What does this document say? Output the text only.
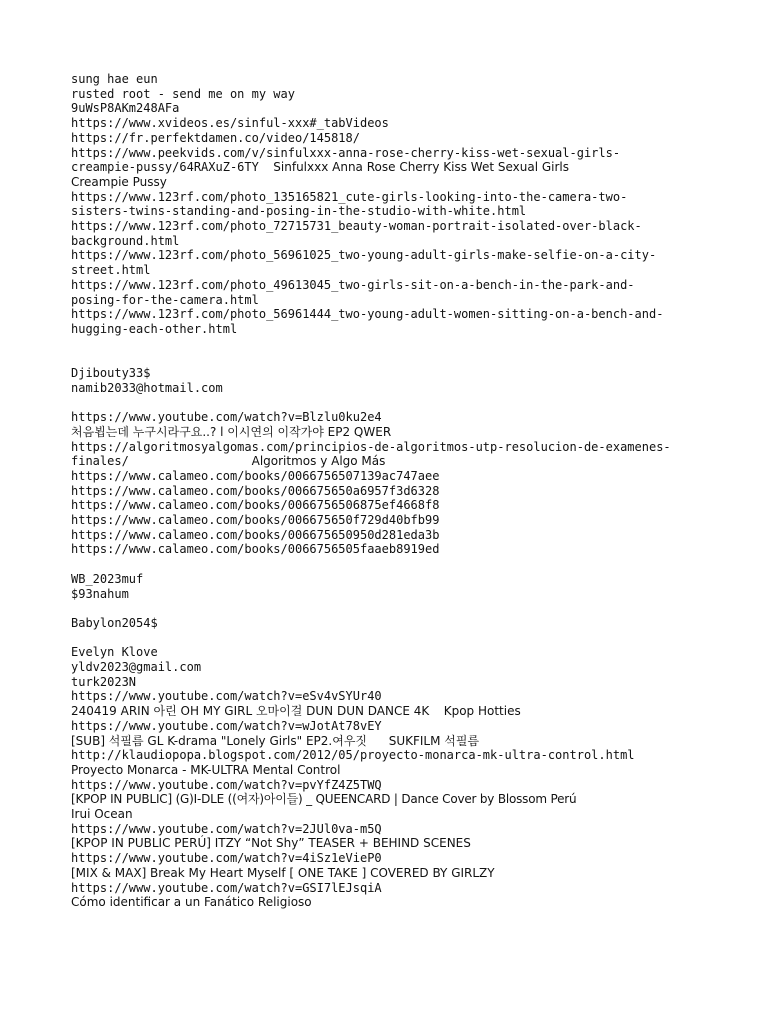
sung hae eun
rusted root - send me on my way
9uWsP8AKm248AFa
https://www.xvideos.es/sinful-xxx#_tabVideos
https://fr.perfektdamen.co/video/145818/
https://www.peekvids.com/v/sinfulxxx-anna-rose-cherry-kiss-wet-sexual-girls-
creampie-pussy/64RAXuZ-6TY Sinfulxxx Anna Rose Cherry Kiss Wet Sexual Girls
Creampie Pussy
https://www.123rf.com/photo_135165821_cute-girls-looking-into-the-camera-two-
sisters-twins-standing-and-posing-in-the-studio-with-white.html
https://www.123rf.com/photo_72715731_beauty-woman-portrait-isolated-over-black-
background.html
https://www.123rf.com/photo_56961025_two-young-adult-girls-make-selfie-on-a-city-
street.html
https://www.123rf.com/photo_49613045_two-girls-sit-on-a-bench-in-the-park-and-
posing-for-the-camera.html
https://www.123rf.com/photo_56961444_two-young-adult-women-sitting-on-a-bench-and-
hugging-each-other.html
Djibouty33$
namib2033@hotmail.com
https://www.youtube.com/watch?v=Blzlu0ku2e4
처음뵙는데 누구시라구요..? l 이시연의 이작가야 EP2 QWER
https://algoritmosyalgomas.com/principios-de-algoritmos-utp-resolucion-de-examenes-
finales/	Algoritmos y Algo Más
https://www.calameo.com/books/0066756507139ac747aee
https://www.calameo.com/books/006675650a6957f3d6328
https://www.calameo.com/books/0066756506875ef4668f8
https://www.calameo.com/books/006675650f729d40bfb99
https://www.calameo.com/books/006675650950d281eda3b
https://www.calameo.com/books/0066756505faaeb8919ed
WB_2023muf
$93nahum
Babylon2054$
Evelyn Klove
yldv2023@gmail.com
turk2023N
https://www.youtube.com/watch?v=eSv4vSYUr40
240419 ARIN 아린 OH MY GIRL 오마이걸 DUN DUN DANCE 4K Kpop Hotties
https://www.youtube.com/watch?v=wJotAt78vEY
[SUB] 석필름 GL K-drama "Lonely Girls" EP2.여우짓 SUKFILM 석필름
http://klaudiopopa.blogspot.com/2012/05/proyecto-monarca-mk-ultra-control.html
Proyecto Monarca - MK-ULTRA Mental Control
https://www.youtube.com/watch?v=pvYfZ4Z5TWQ
[KPOP IN PUBLIC] (G)I-DLE ((여자)아이들) _ QUEENCARD | Dance Cover by Blossom Perú
Irui Ocean
https://www.youtube.com/watch?v=2JUl0va-m5Q
[KPOP IN PUBLIC PERÚ] ITZY “Not Shy” TEASER + BEHIND SCENES
https://www.youtube.com/watch?v=4iSz1eVieP0
[MIX & MAX] Break My Heart Myself [ ONE TAKE ] COVERED BY GIRLZY
https://www.youtube.com/watch?v=GSI7lEJsqiA
Cómo identificar a un Fanático Religioso
